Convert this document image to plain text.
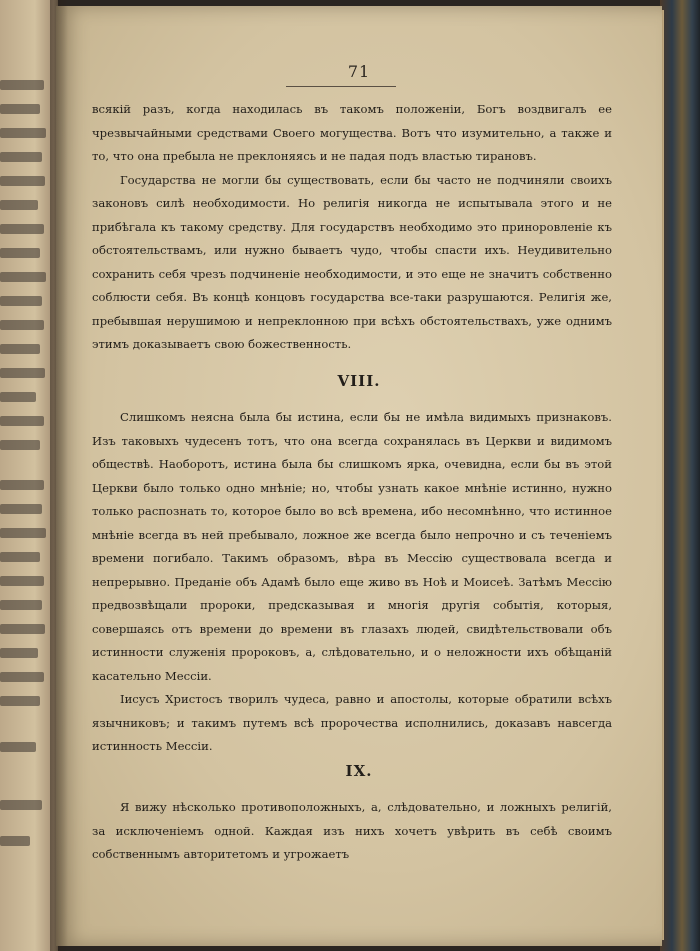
71

всякій разъ, когда находилась въ такомъ положеніи, Богъ воздвигалъ ее чрезвычайными средствами Своего могущества. Вотъ что изумительно, а также и то, что она пребыла не преклоняясь и не падая подъ властью тирановъ.

Государства не могли бы существовать, если бы часто не подчиняли своихъ законовъ силѣ необходимости. Но религія никогда не испытывала этого и не прибѣгала къ такому средству. Для государствъ необходимо это приноровленіе къ обстоятельствамъ, или нужно бываетъ чудо, чтобы спасти ихъ. Неудивительно сохранить себя чрезъ подчиненіе необходимости, и это еще не значитъ собственно соблюсти себя. Въ концѣ концовъ государства все-таки разрушаются. Религія же, пребывшая нерушимою и непреклонною при всѣхъ обстоятельствахъ, уже однимъ этимъ доказываетъ свою божественность.

VIII.

Слишкомъ неясна была бы истина, если бы не имѣла видимыхъ признаковъ. Изъ таковыхъ чудесенъ тотъ, что она всегда сохранялась въ Церкви и видимомъ обществѣ. Наоборотъ, истина была бы слишкомъ ярка, очевидна, если бы въ этой Церкви было только одно мнѣніе; но, чтобы узнать какое мнѣніе истинно, нужно только распознать то, которое было во всѣ времена, ибо несомнѣнно, что истинное мнѣніе всегда въ ней пребывало, ложное же всегда было непрочно и съ теченіемъ времени погибало. Такимъ образомъ, вѣра въ Мессію существовала всегда и непрерывно. Преданіе объ Адамѣ было еще живо въ Ноѣ и Моисеѣ. Затѣмъ Мессію предвозвѣщали пророки, предсказывая и многія другія событія, которыя, совершаясь отъ времени до времени въ глазахъ людей, свидѣтельствовали объ истинности служенія пророковъ, а, слѣдовательно, и о неложности ихъ обѣщаній касательно Мессіи.

Іисусъ Христосъ творилъ чудеса, равно и апостолы, которые обратили всѣхъ язычниковъ; и такимъ путемъ всѣ пророчества исполнились, доказавъ навсегда истинность Мессіи.

IX.

Я вижу нѣсколько противоположныхъ, а, слѣдовательно, и ложныхъ религій, за исключеніемъ одной. Каждая изъ нихъ хочетъ увѣрить въ себѣ своимъ собственнымъ авторитетомъ и угрожаетъ
